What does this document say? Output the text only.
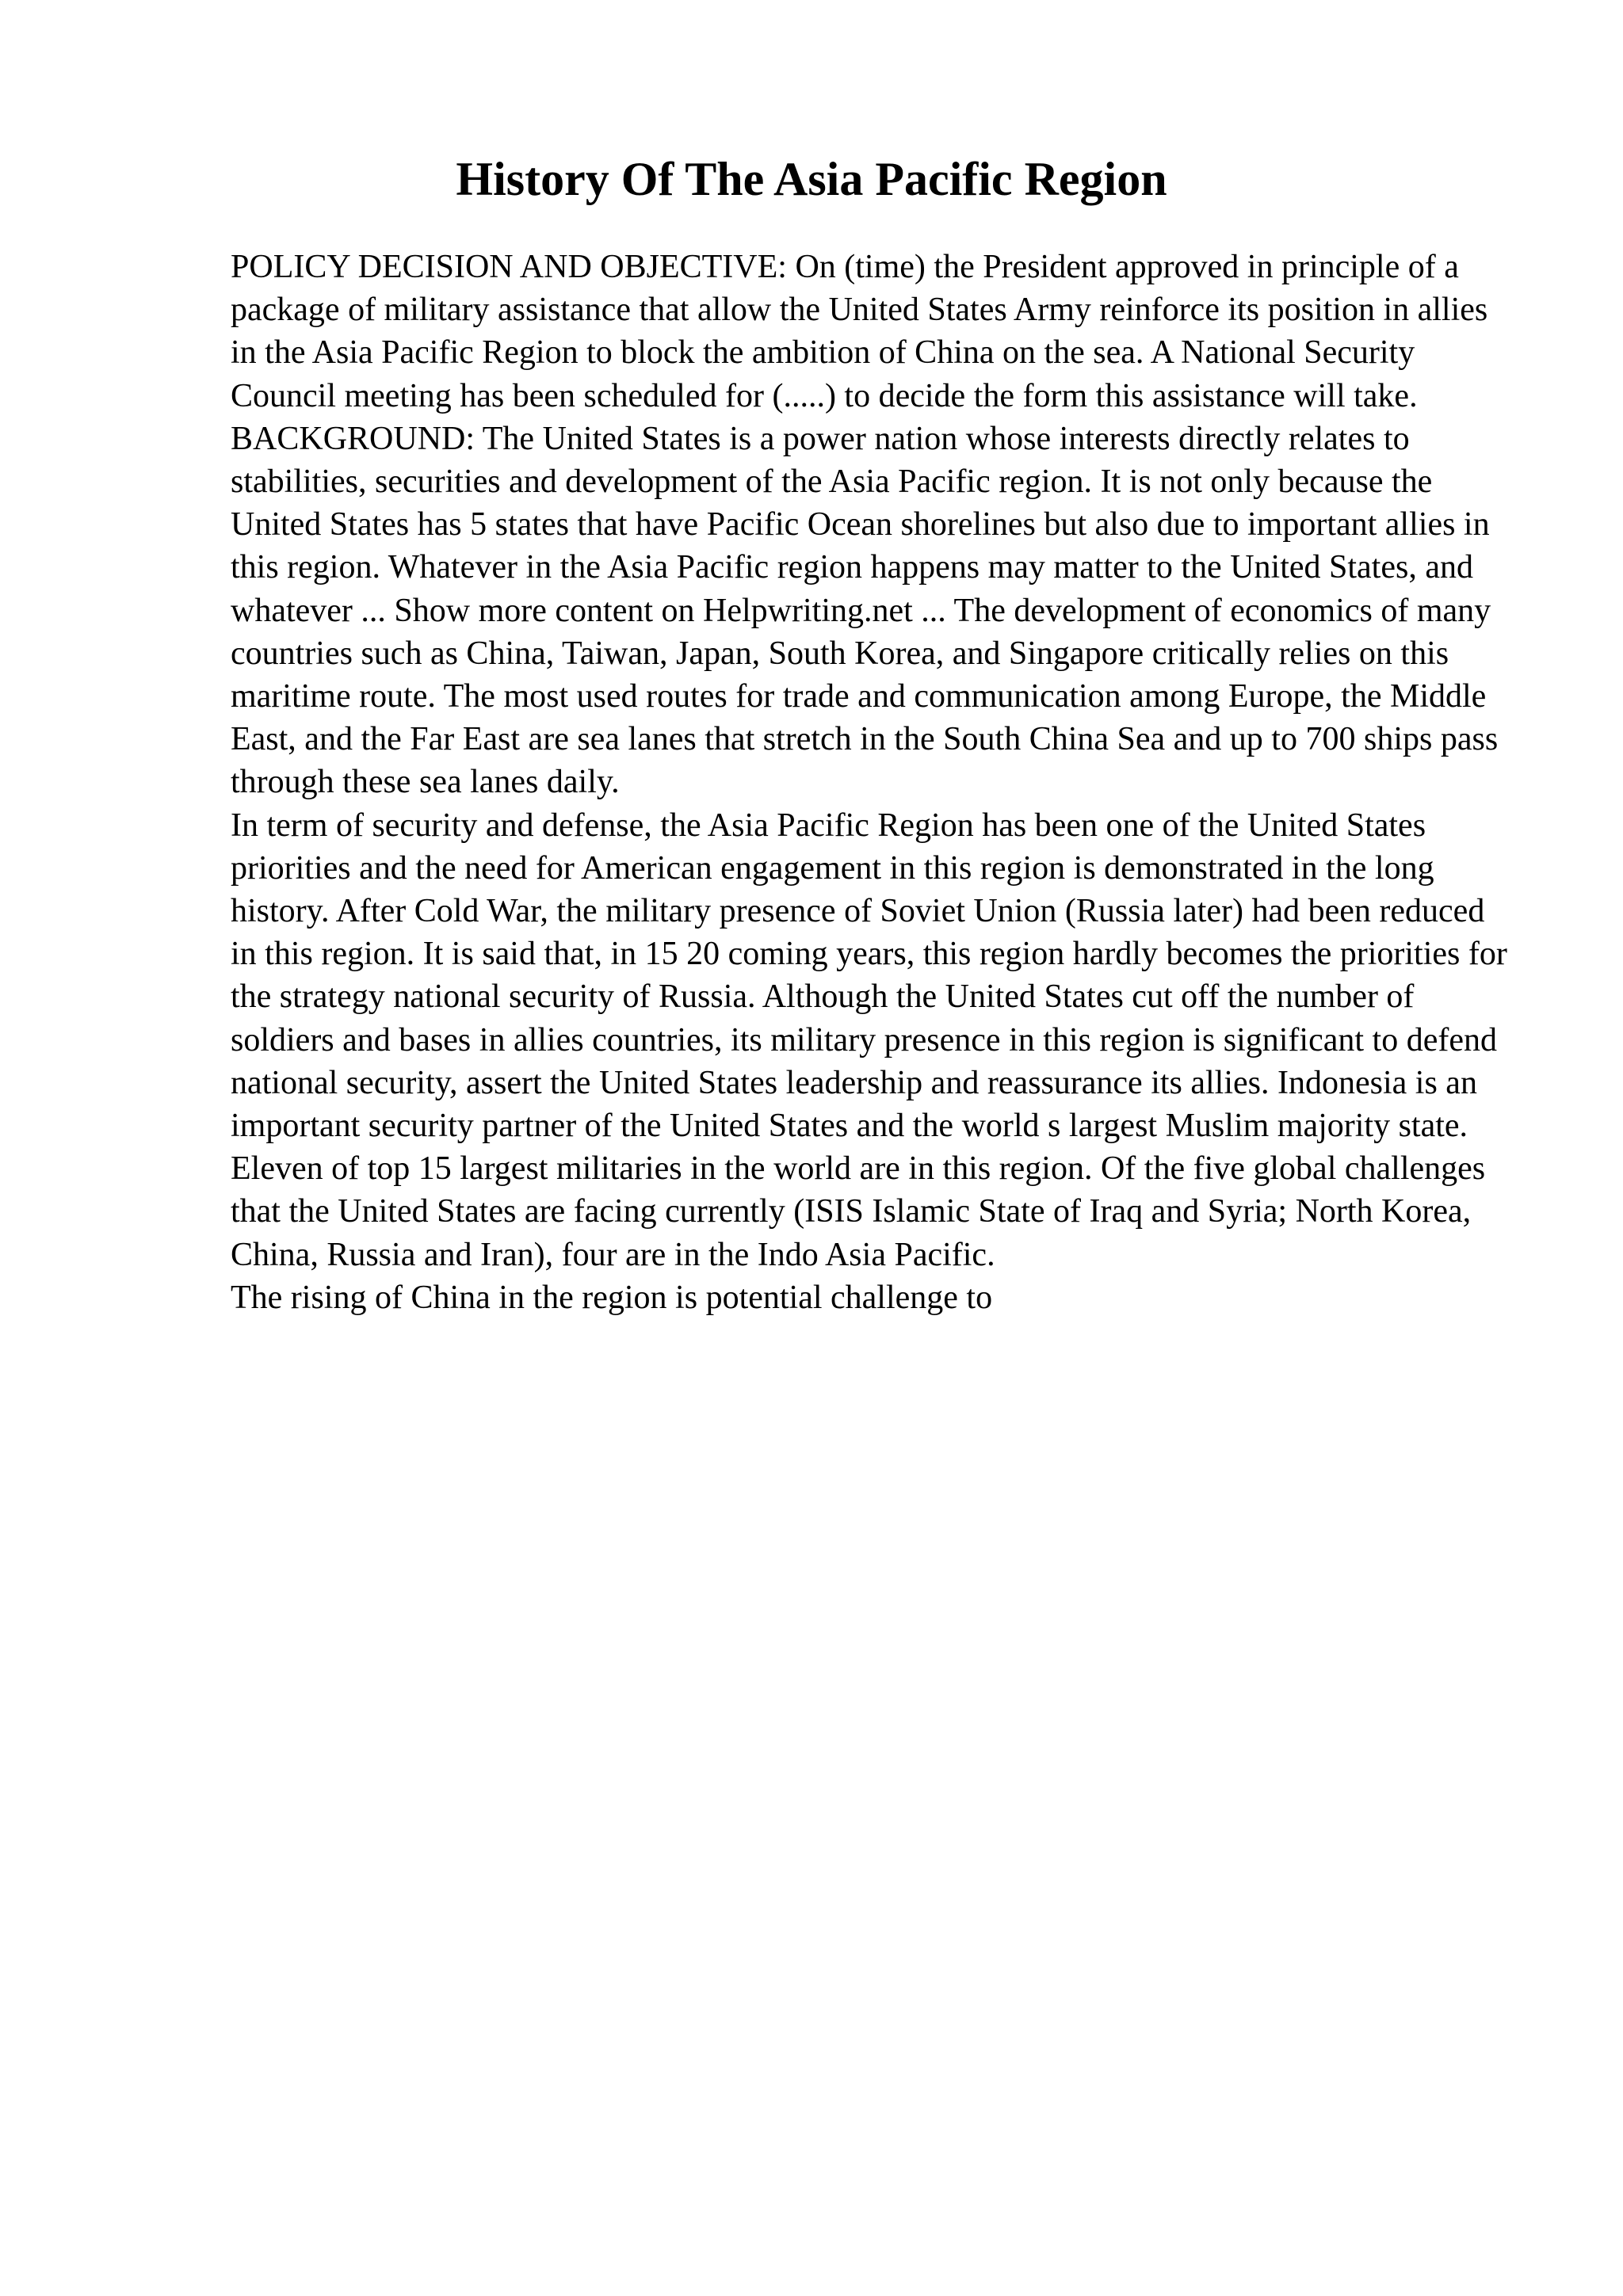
History Of The Asia Pacific Region

POLICY DECISION AND OBJECTIVE: On (time) the President approved in principle of a package of military assistance that allow the United States Army reinforce its position in allies in the Asia Pacific Region to block the ambition of China on the sea. A National Security Council meeting has been scheduled for (.....) to decide the form this assistance will take.

BACKGROUND: The United States is a power nation whose interests directly relates to stabilities, securities and development of the Asia Pacific region. It is not only because the United States has 5 states that have Pacific Ocean shorelines but also due to important allies in this region. Whatever in the Asia Pacific region happens may matter to the United States, and whatever ... Show more content on Helpwriting.net ... The development of economics of many countries such as China, Taiwan, Japan, South Korea, and Singapore critically relies on this maritime route. The most used routes for trade and communication among Europe, the Middle East, and the Far East are sea lanes that stretch in the South China Sea and up to 700 ships pass through these sea lanes daily.

In term of security and defense, the Asia Pacific Region has been one of the United States priorities and the need for American engagement in this region is demonstrated in the long history. After Cold War, the military presence of Soviet Union (Russia later) had been reduced in this region. It is said that, in 15 20 coming years, this region hardly becomes the priorities for the strategy national security of Russia. Although the United States cut off the number of soldiers and bases in allies countries, its military presence in this region is significant to defend national security, assert the United States leadership and reassurance its allies. Indonesia is an important security partner of the United States and the world s largest Muslim majority state. Eleven of top 15 largest militaries in the world are in this region. Of the five global challenges that the United States are facing currently (ISIS Islamic State of Iraq and Syria; North Korea, China, Russia and Iran), four are in the Indo Asia Pacific.

The rising of China in the region is potential challenge to
